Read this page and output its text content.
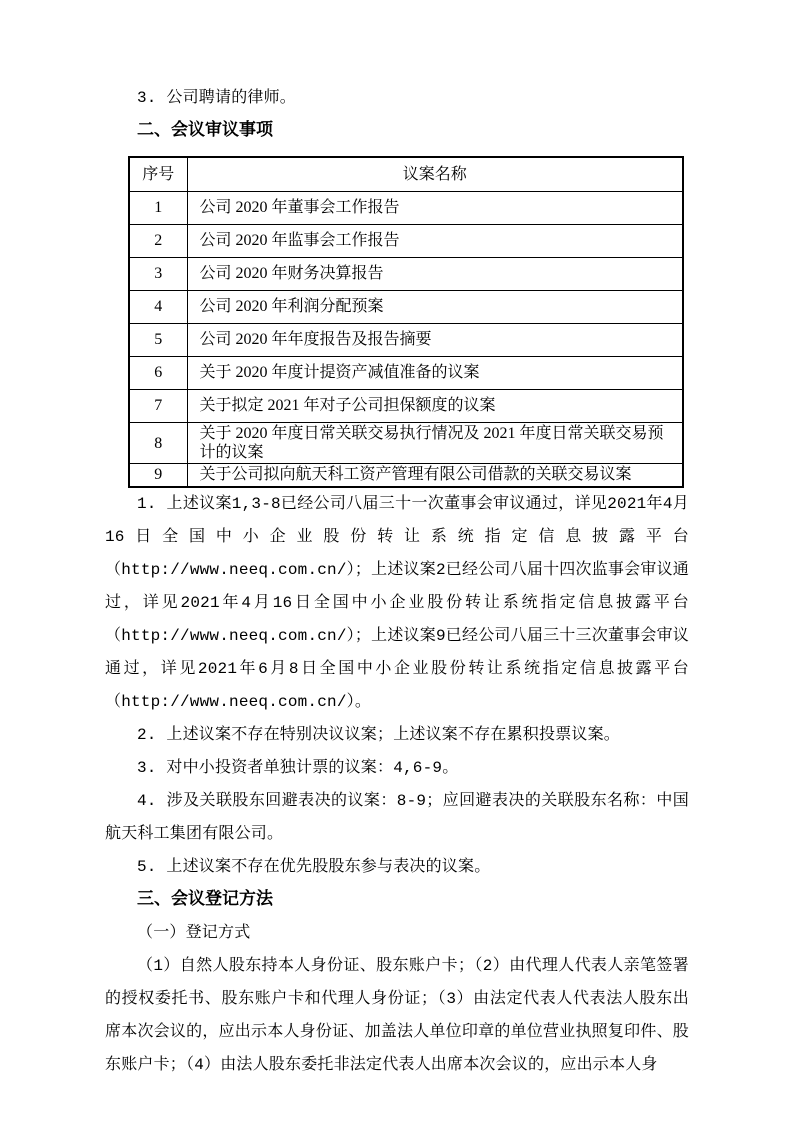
3. 公司聘请的律师。

二、会议审议事项
序号	议案名称
1	公司 2020 年董事会工作报告
2	公司 2020 年监事会工作报告
3	公司 2020 年财务决算报告
4	公司 2020 年利润分配预案
5	公司 2020 年年度报告及报告摘要
6	关于 2020 年度计提资产减值准备的议案
7	关于拟定 2021 年对子公司担保额度的议案
8	关于 2020 年度日常关联交易执行情况及 2021 年度日常关联交易预计的议案
9	关于公司拟向航天科工资产管理有限公司借款的关联交易议案

1. 上述议案1,3-8已经公司八届三十一次董事会审议通过，详见2021年4月16日全国中小企业股份转让系统指定信息披露平台（http://www.neeq.com.cn/）；上述议案2已经公司八届十四次监事会审议通过，详见2021年4月16日全国中小企业股份转让系统指定信息披露平台（http://www.neeq.com.cn/）；上述议案9已经公司八届三十三次董事会审议通过，详见2021年6月8日全国中小企业股份转让系统指定信息披露平台（http://www.neeq.com.cn/）。

2. 上述议案不存在特别决议议案；上述议案不存在累积投票议案。

3. 对中小投资者单独计票的议案：4,6-9。

4. 涉及关联股东回避表决的议案：8-9；应回避表决的关联股东名称：中国航天科工集团有限公司。

5. 上述议案不存在优先股股东参与表决的议案。

三、会议登记方法

（一）登记方式

（1）自然人股东持本人身份证、股东账户卡；（2）由代理人代表人亲笔签署的授权委托书、股东账户卡和代理人身份证；（3）由法定代表人代表法人股东出席本次会议的，应出示本人身份证、加盖法人单位印章的单位营业执照复印件、股东账户卡；（4）由法人股东委托非法定代表人出席本次会议的，应出示本人身
